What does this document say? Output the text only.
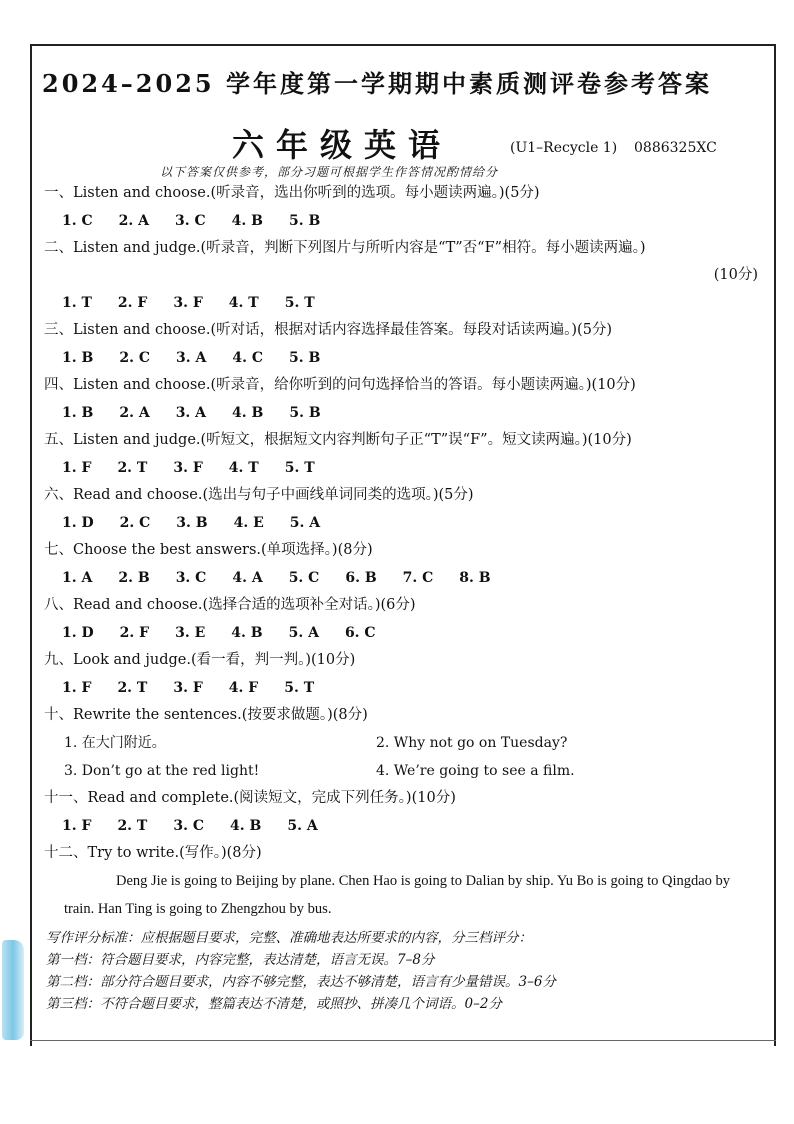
2024–2025 学年度第一学期期中素质测评卷参考答案
六年级英语	(U1–Recycle 1) 0886325XC
以下答案仅供参考，部分习题可根据学生作答情况酌情给分
一、Listen and choose.(听录音，选出你听到的选项。每小题读两遍。)(5分)
1. C 2. A 3. C 4. B 5. B
二、Listen and judge.(听录音，判断下列图片与所听内容是“T”否“F”相符。每小题读两遍。)
(10分)
1. T 2. F 3. F 4. T 5. T
三、Listen and choose.(听对话，根据对话内容选择最佳答案。每段对话读两遍。)(5分)
1. B 2. C 3. A 4. C 5. B
四、Listen and choose.(听录音，给你听到的问句选择恰当的答语。每小题读两遍。)(10分)
1. B 2. A 3. A 4. B 5. B
五、Listen and judge.(听短文，根据短文内容判断句子正“T”误“F”。短文读两遍。)(10分)
1. F 2. T 3. F 4. T 5. T
六、Read and choose.(选出与句子中画线单词同类的选项。)(5分)
1. D 2. C 3. B 4. E 5. A
七、Choose the best answers.(单项选择。)(8分)
1. A 2. B 3. C 4. A 5. C 6. B 7. C 8. B
八、Read and choose.(选择合适的选项补全对话。)(6分)
1. D 2. F 3. E 4. B 5. A 6. C
九、Look and judge.(看一看，判一判。)(10分)
1. F 2. T 3. F 4. F 5. T
十、Rewrite the sentences.(按要求做题。)(8分)
1. 在大门附近。	2. Why not go on Tuesday?
3. Don’t go at the red light!	4. We’re going to see a film.
十一、Read and complete.(阅读短文，完成下列任务。)(10分)
1. F 2. T 3. C 4. B 5. A
十二、Try to write.(写作。)(8分)
Deng Jie is going to Beijing by plane. Chen Hao is going to Dalian by ship. Yu Bo is going to Qingdao by train. Han Ting is going to Zhengzhou by bus.
写作评分标准：应根据题目要求，完整、准确地表达所要求的内容，分三档评分：
第一档：符合题目要求，内容完整，表达清楚，语言无误。7–8分
第二档：部分符合题目要求，内容不够完整，表达不够清楚，语言有少量错误。3–6分
第三档：不符合题目要求，整篇表达不清楚，或照抄、拼凑几个词语。0–2分
